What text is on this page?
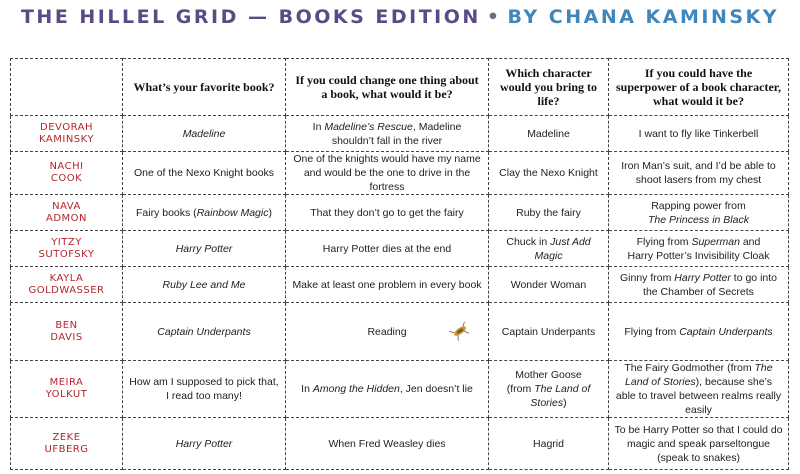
THE HILLEL GRID — BOOKS EDITION • BY CHANA KAMINSKY
	What’s your favorite book?	If you could change one thing about a book, what would it be?	Which character would you bring to life?	If you could have the superpower of a book character, what would it be?

DEVORAH
KAMINSKY	Madeline	In Madeline’s Rescue, Madeline shouldn’t fall in the river	Madeline	I want to fly like Tinkerbell

NACHI
COOK	One of the Nexo Knight books	One of the knights would have my name and would be the one to drive in the fortress	Clay the Nexo Knight	Iron Man’s suit, and I’d be able to shoot lasers from my chest

NAVA
ADMON	Fairy books (Rainbow Magic)	That they don’t go to get the fairy	Ruby the fairy	Rapping power from
The Princess in Black

YITZY
SUTOFSKY	Harry Potter	Harry Potter dies at the end	Chuck in Just Add Magic	Flying from Superman and
Harry Potter’s Invisibility Cloak

KAYLA
GOLDWASSER	Ruby Lee and Me	Make at least one problem in every book	Wonder Woman	Ginny from Harry Potter to go into the Chamber of Secrets

BEN
DAVIS	Captain Underpants	Reading	Captain Underpants	Flying from Captain Underpants

MEIRA
YOLKUT	How am I supposed to pick that, I read too many!	In Among the Hidden, Jen doesn’t lie	Mother Goose
(from The Land of Stories)	The Fairy Godmother (from The Land of Stories), because she’s able to travel between realms really easily

ZEKE
UFBERG	Harry Potter	When Fred Weasley dies	Hagrid	To be Harry Potter so that I could do magic and speak parseltongue (speak to snakes)
